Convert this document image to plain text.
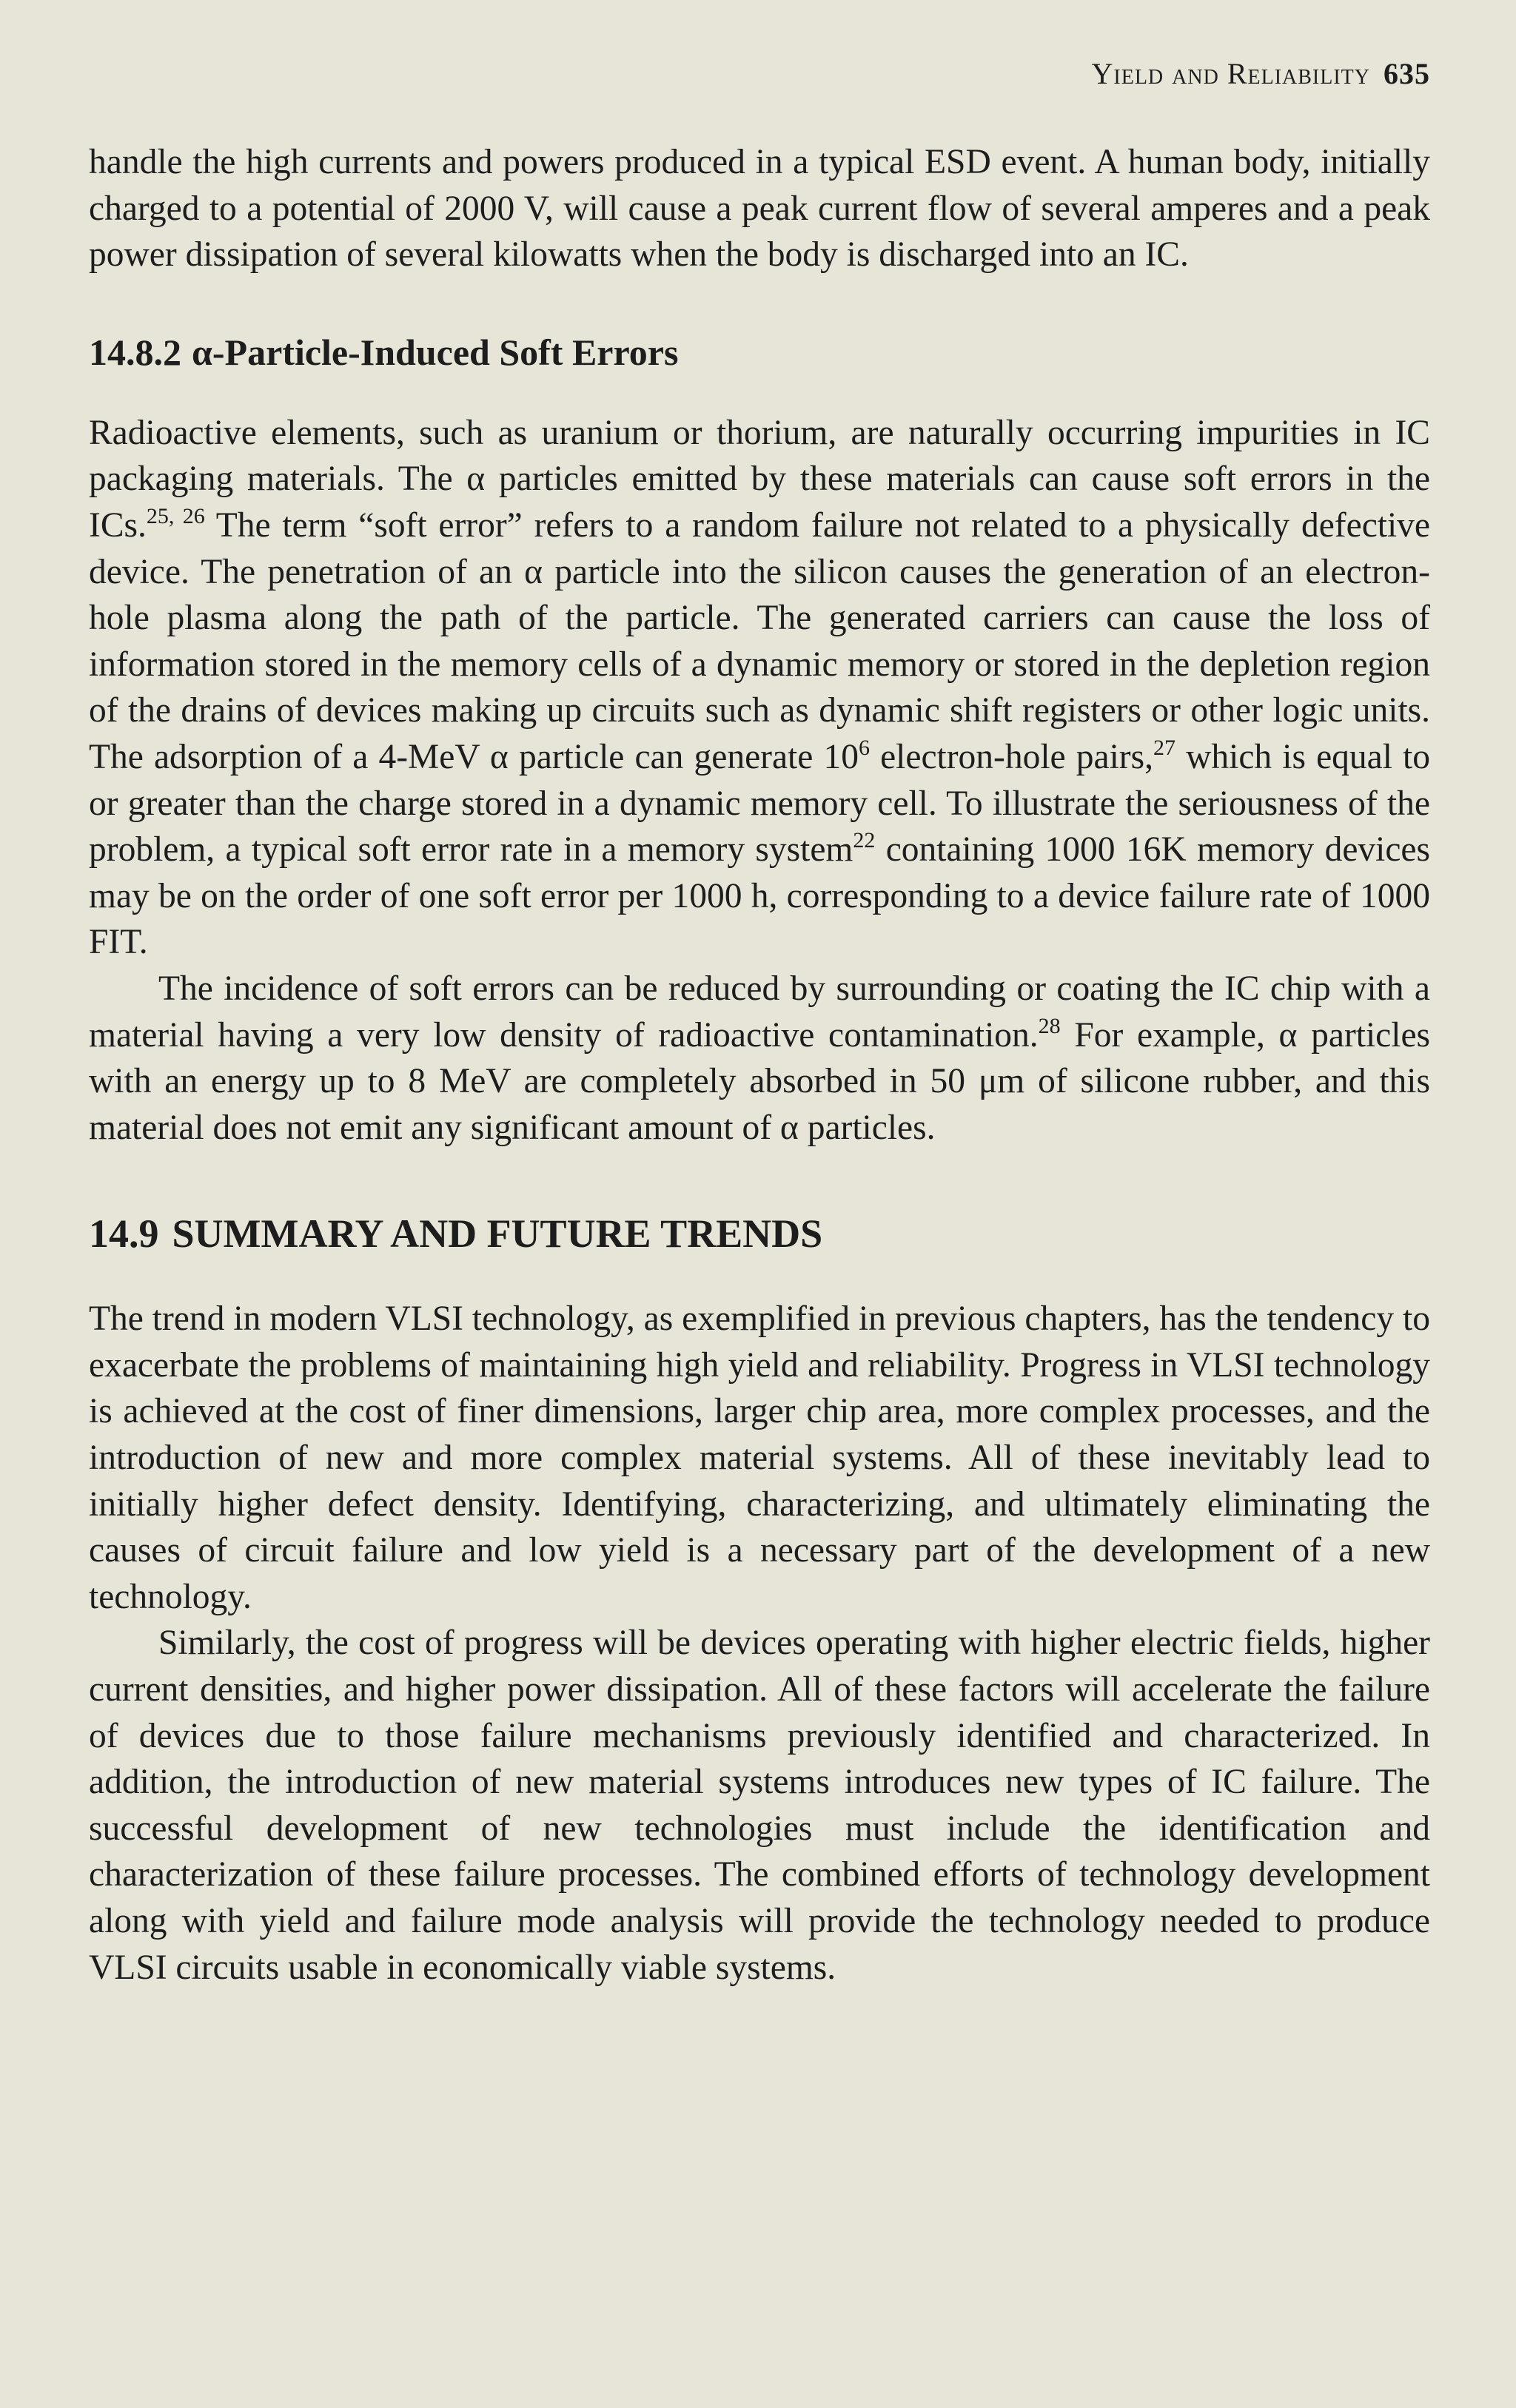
Yield and Reliability 635

handle the high currents and powers produced in a typical ESD event. A human body, initially charged to a potential of 2000 V, will cause a peak current flow of several amperes and a peak power dissipation of several kilowatts when the body is discharged into an IC.

14.8.2 α-Particle-Induced Soft Errors

Radioactive elements, such as uranium or thorium, are naturally occurring impurities in IC packaging materials. The α particles emitted by these materials can cause soft errors in the ICs.$^{25, 26}$ The term “soft error” refers to a random failure not related to a physically defective device. The penetration of an α particle into the silicon causes the generation of an electron-hole plasma along the path of the particle. The generated carriers can cause the loss of information stored in the memory cells of a dynamic memory or stored in the depletion region of the drains of devices making up circuits such as dynamic shift registers or other logic units. The adsorption of a 4-MeV α particle can generate $10^6$ electron-hole pairs,$^{27}$ which is equal to or greater than the charge stored in a dynamic memory cell. To illustrate the seriousness of the problem, a typical soft error rate in a memory system$^{22}$ containing 1000 16K memory devices may be on the order of one soft error per 1000 h, corresponding to a device failure rate of 1000 FIT.

The incidence of soft errors can be reduced by surrounding or coating the IC chip with a material having a very low density of radioactive contamination.$^{28}$ For example, α particles with an energy up to 8 MeV are completely absorbed in 50 μm of silicone rubber, and this material does not emit any significant amount of α particles.

14.9 SUMMARY AND FUTURE TRENDS

The trend in modern VLSI technology, as exemplified in previous chapters, has the tendency to exacerbate the problems of maintaining high yield and reliability. Progress in VLSI technology is achieved at the cost of finer dimensions, larger chip area, more complex processes, and the introduction of new and more complex material systems. All of these inevitably lead to initially higher defect density. Identifying, characterizing, and ultimately eliminating the causes of circuit failure and low yield is a necessary part of the development of a new technology.

Similarly, the cost of progress will be devices operating with higher electric fields, higher current densities, and higher power dissipation. All of these factors will accelerate the failure of devices due to those failure mechanisms previously identified and characterized. In addition, the introduction of new material systems introduces new types of IC failure. The successful development of new technologies must include the identification and characterization of these failure processes. The combined efforts of technology development along with yield and failure mode analysis will provide the technology needed to produce VLSI circuits usable in economically viable systems.
